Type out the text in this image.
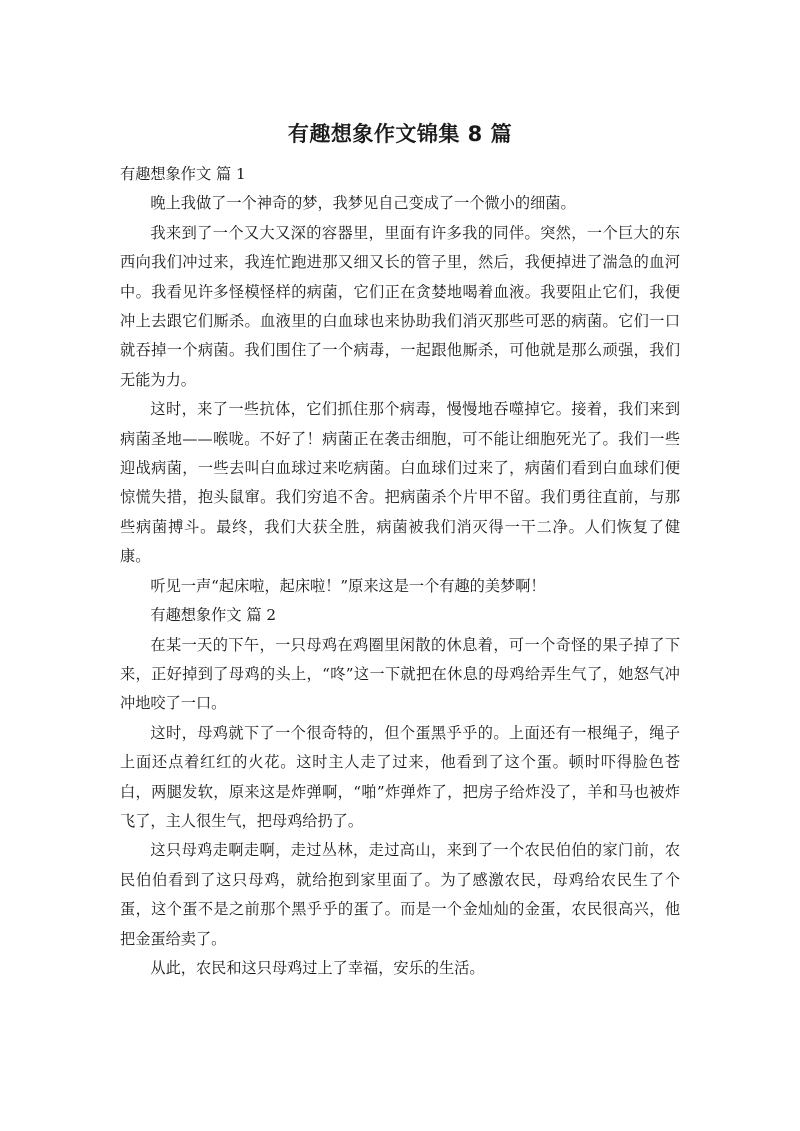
有趣想象作文锦集 8 篇

有趣想象作文 篇 1

晚上我做了一个神奇的梦，我梦见自己变成了一个微小的细菌。

我来到了一个又大又深的容器里，里面有许多我的同伴。突然，一个巨大的东西向我们冲过来，我连忙跑进那又细又长的管子里，然后，我便掉进了湍急的血河中。我看见许多怪模怪样的病菌，它们正在贪婪地喝着血液。我要阻止它们，我便冲上去跟它们厮杀。血液里的白血球也来协助我们消灭那些可恶的病菌。它们一口就吞掉一个病菌。我们围住了一个病毒，一起跟他厮杀，可他就是那么顽强，我们无能为力。

这时，来了一些抗体，它们抓住那个病毒，慢慢地吞噬掉它。接着，我们来到病菌圣地——喉咙。不好了！病菌正在袭击细胞，可不能让细胞死光了。我们一些迎战病菌，一些去叫白血球过来吃病菌。白血球们过来了，病菌们看到白血球们便惊慌失措，抱头鼠窜。我们穷追不舍。把病菌杀个片甲不留。我们勇往直前，与那些病菌搏斗。最终，我们大获全胜，病菌被我们消灭得一干二净。人们恢复了健康。

听见一声“起床啦，起床啦！”原来这是一个有趣的美梦啊！

有趣想象作文 篇 2

在某一天的下午，一只母鸡在鸡圈里闲散的休息着，可一个奇怪的果子掉了下来，正好掉到了母鸡的头上，“咚”这一下就把在休息的母鸡给弄生气了，她怒气冲冲地咬了一口。

这时，母鸡就下了一个很奇特的，但个蛋黑乎乎的。上面还有一根绳子，绳子上面还点着红红的火花。这时主人走了过来，他看到了这个蛋。顿时吓得脸色苍白，两腿发软，原来这是炸弹啊，“啪”炸弹炸了，把房子给炸没了，羊和马也被炸飞了，主人很生气，把母鸡给扔了。

这只母鸡走啊走啊，走过丛林，走过高山，来到了一个农民伯伯的家门前，农民伯伯看到了这只母鸡，就给抱到家里面了。为了感激农民，母鸡给农民生了个蛋，这个蛋不是之前那个黑乎乎的蛋了。而是一个金灿灿的金蛋，农民很高兴，他把金蛋给卖了。

从此，农民和这只母鸡过上了幸福，安乐的生活。
